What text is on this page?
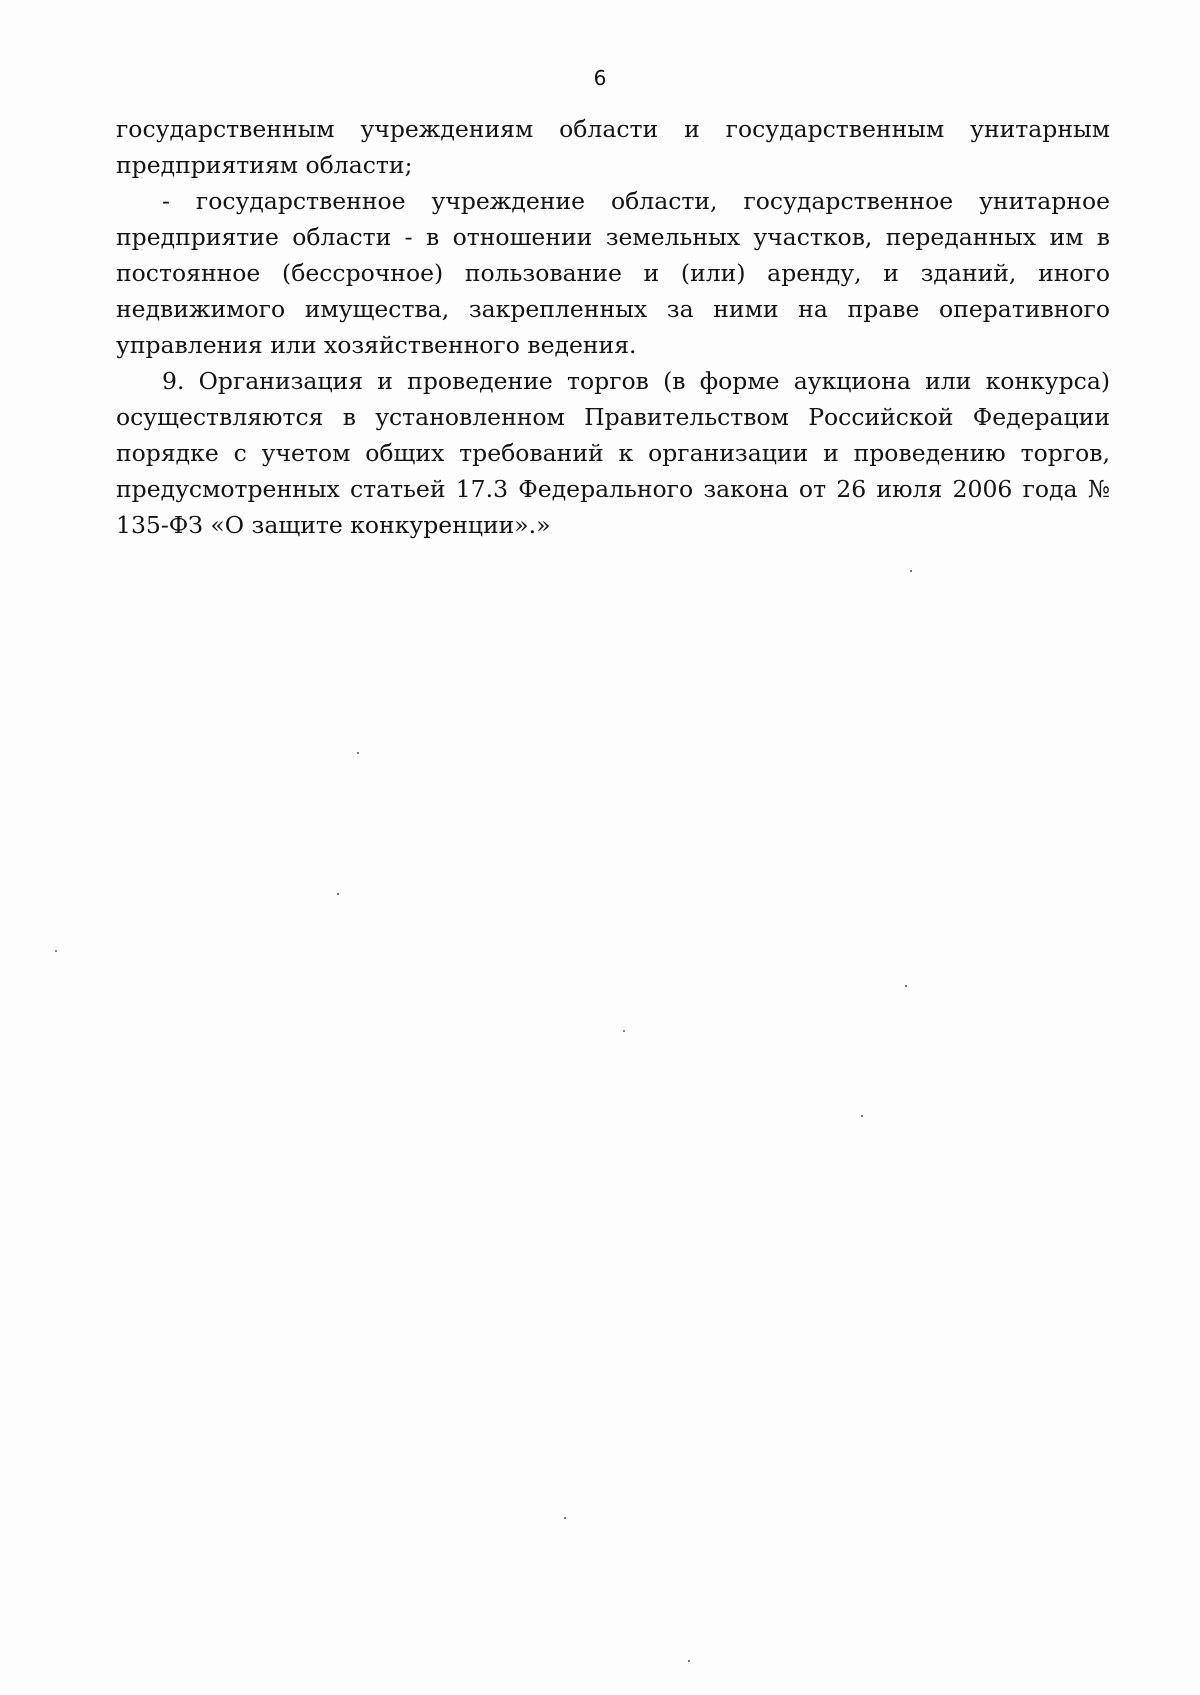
6

государственным учреждениям области и государственным унитарным предприятиям области;

- государственное учреждение области, государственное унитарное предприятие области - в отношении земельных участков, переданных им в постоянное (бессрочное) пользование и (или) аренду, и зданий, иного недвижимого имущества, закрепленных за ними на праве оперативного управления или хозяйственного ведения.

9. Организация и проведение торгов (в форме аукциона или конкурса) осуществляются в установленном Правительством Российской Федерации порядке с учетом общих требований к организации и проведению торгов, предусмотренных статьей 17.3 Федерального закона от 26 июля 2006 года № 135-ФЗ «О защите конкуренции».»
